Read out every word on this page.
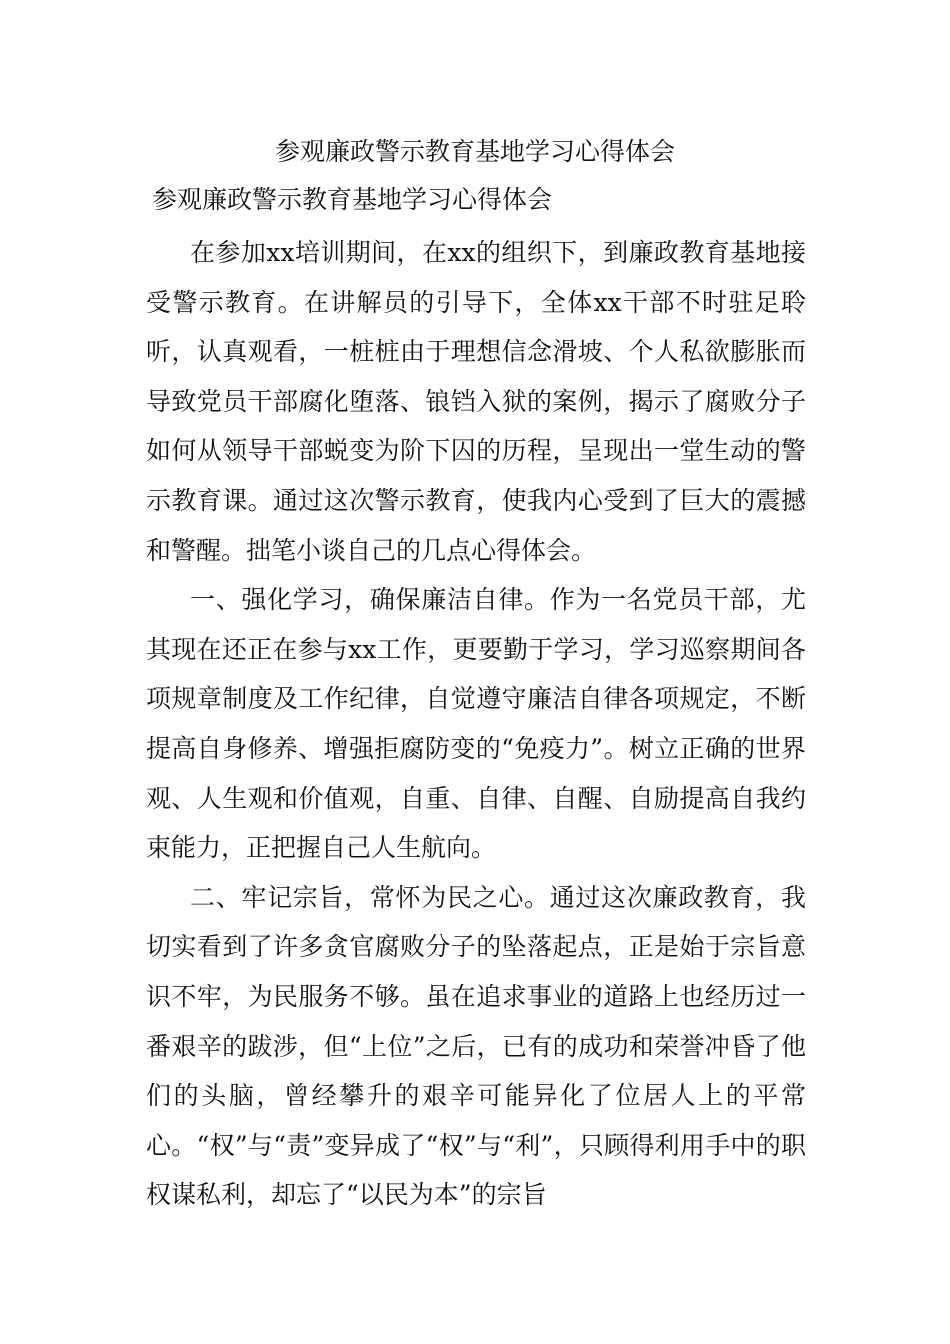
参观廉政警示教育基地学习心得体会
参观廉政警示教育基地学习心得体会

在参加xx培训期间，在xx的组织下，到廉政教育基地接受警示教育。在讲解员的引导下，全体xx干部不时驻足聆听，认真观看，一桩桩由于理想信念滑坡、个人私欲膨胀而导致党员干部腐化堕落、锒铛入狱的案例，揭示了腐败分子如何从领导干部蜕变为阶下囚的历程，呈现出一堂生动的警示教育课。通过这次警示教育，使我内心受到了巨大的震撼和警醒。拙笔小谈自己的几点心得体会。

一、强化学习，确保廉洁自律。作为一名党员干部，尤其现在还正在参与xx工作，更要勤于学习，学习巡察期间各项规章制度及工作纪律，自觉遵守廉洁自律各项规定，不断提高自身修养、增强拒腐防变的“免疫力”。树立正确的世界观、人生观和价值观，自重、自律、自醒、自励提高自我约束能力，正把握自己人生航向。

二、牢记宗旨，常怀为民之心。通过这次廉政教育，我切实看到了许多贪官腐败分子的坠落起点，正是始于宗旨意识不牢，为民服务不够。虽在追求事业的道路上也经历过一番艰辛的跋涉，但“上位”之后，已有的成功和荣誉冲昏了他们的头脑，曾经攀升的艰辛可能异化了位居人上的平常心。“权”与“责”变异成了“权”与“利”，只顾得利用手中的职权谋私利，却忘了“以民为本”的宗旨
